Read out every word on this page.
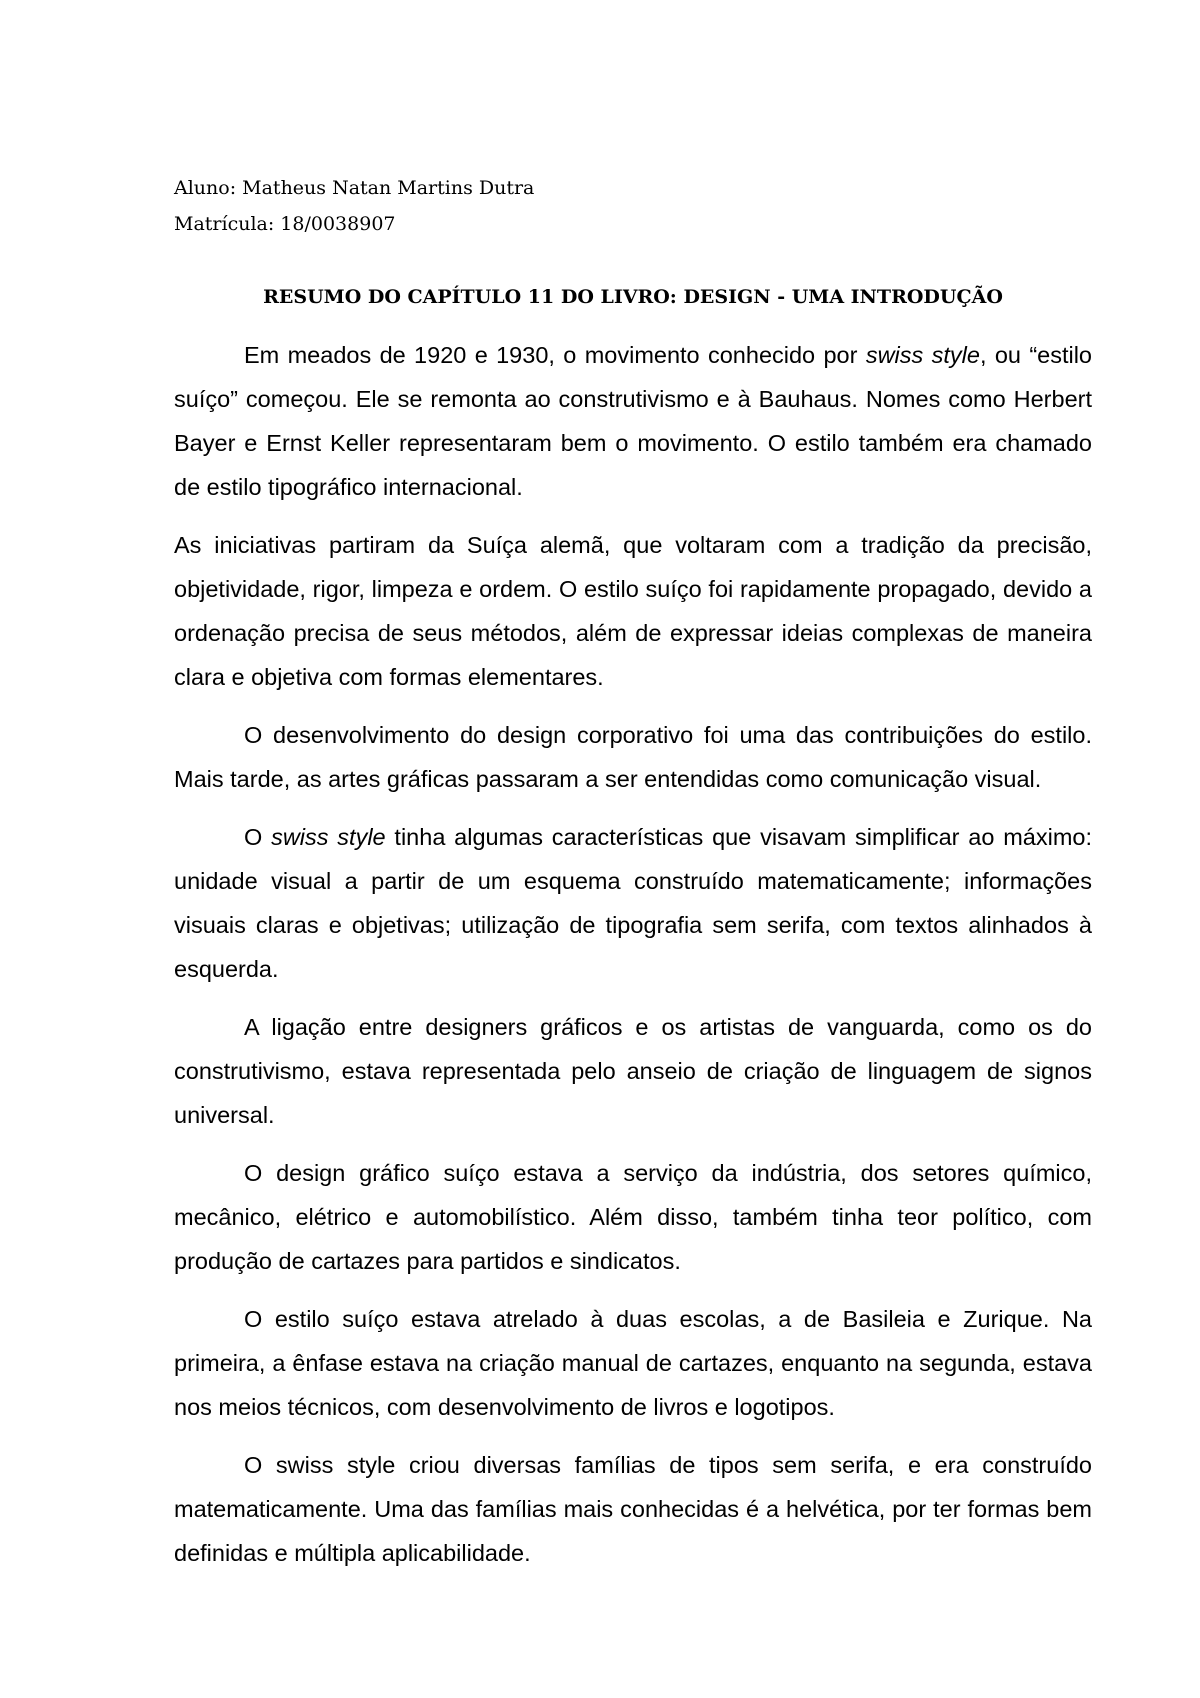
Aluno: Matheus Natan Martins Dutra
Matrícula: 18/0038907
RESUMO DO CAPÍTULO 11 DO LIVRO: DESIGN - UMA INTRODUÇÃO

Em meados de 1920 e 1930, o movimento conhecido por swiss style, ou “estilo suíço” começou. Ele se remonta ao construtivismo e à Bauhaus. Nomes como Herbert Bayer e Ernst Keller representaram bem o movimento. O estilo também era chamado de estilo tipográfico internacional.

As iniciativas partiram da Suíça alemã, que voltaram com a tradição da precisão, objetividade, rigor, limpeza e ordem. O estilo suíço foi rapidamente propagado, devido a ordenação precisa de seus métodos, além de expressar ideias complexas de maneira clara e objetiva com formas elementares.

O desenvolvimento do design corporativo foi uma das contribuições do estilo. Mais tarde, as artes gráficas passaram a ser entendidas como comunicação visual.

O swiss style tinha algumas características que visavam simplificar ao máximo: unidade visual a partir de um esquema construído matematicamente; informações visuais claras e objetivas; utilização de tipografia sem serifa, com textos alinhados à esquerda.

A ligação entre designers gráficos e os artistas de vanguarda, como os do construtivismo, estava representada pelo anseio de criação de linguagem de signos universal.

O design gráfico suíço estava a serviço da indústria, dos setores químico, mecânico, elétrico e automobilístico. Além disso, também tinha teor político, com produção de cartazes para partidos e sindicatos.

O estilo suíço estava atrelado à duas escolas, a de Basileia e Zurique. Na primeira, a ênfase estava na criação manual de cartazes, enquanto na segunda, estava nos meios técnicos, com desenvolvimento de livros e logotipos.

O swiss style criou diversas famílias de tipos sem serifa, e era construído matematicamente. Uma das famílias mais conhecidas é a helvética, por ter formas bem definidas e múltipla aplicabilidade.
